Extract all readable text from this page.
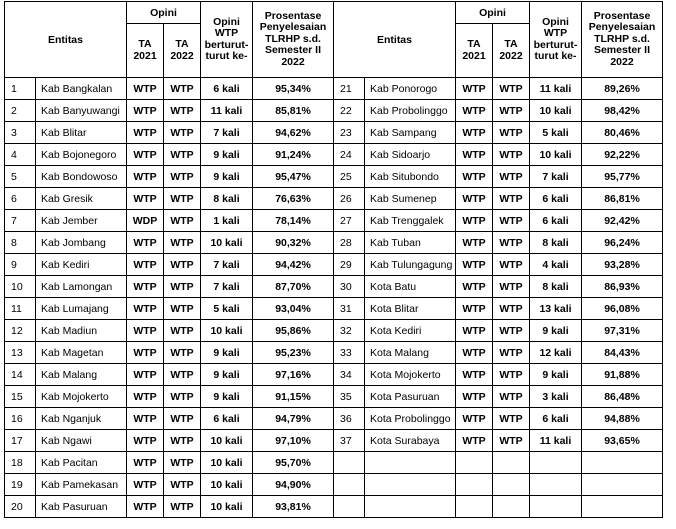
Entitas		Opini		Opini WTP berturut-turut ke-	Prosentase Penyelesaian TLRHP s.d. Semester II 2022	Entitas		Opini		Opini WTP berturut-turut ke-	Prosentase Penyelesaian TLRHP s.d. Semester II 2022
		TA 2021	TA 2022					TA 2021	TA 2022		
1	Kab Bangkalan	WTP	WTP	6 kali	95,34%	21	Kab Ponorogo	WTP	WTP	11 kali	89,26%
2	Kab Banyuwangi	WTP	WTP	11 kali	85,81%	22	Kab Probolinggo	WTP	WTP	10 kali	98,42%
3	Kab Blitar	WTP	WTP	7 kali	94,62%	23	Kab Sampang	WTP	WTP	5 kali	80,46%
4	Kab Bojonegoro	WTP	WTP	9 kali	91,24%	24	Kab Sidoarjo	WTP	WTP	10 kali	92,22%
5	Kab Bondowoso	WTP	WTP	9 kali	95,47%	25	Kab Situbondo	WTP	WTP	7 kali	95,77%
6	Kab Gresik	WTP	WTP	8 kali	76,63%	26	Kab Sumenep	WTP	WTP	6 kali	86,81%
7	Kab Jember	WDP	WTP	1 kali	78,14%	27	Kab Trenggalek	WTP	WTP	6 kali	92,42%
8	Kab Jombang	WTP	WTP	10 kali	90,32%	28	Kab Tuban	WTP	WTP	8 kali	96,24%
9	Kab Kediri	WTP	WTP	7 kali	94,42%	29	Kab Tulungagung	WTP	WTP	4 kali	93,28%
10	Kab Lamongan	WTP	WTP	7 kali	87,70%	30	Kota Batu	WTP	WTP	8 kali	86,93%
11	Kab Lumajang	WTP	WTP	5 kali	93,04%	31	Kota Blitar	WTP	WTP	13 kali	96,08%
12	Kab Madiun	WTP	WTP	10 kali	95,86%	32	Kota Kediri	WTP	WTP	9 kali	97,31%
13	Kab Magetan	WTP	WTP	9 kali	95,23%	33	Kota Malang	WTP	WTP	12 kali	84,43%
14	Kab Malang	WTP	WTP	9 kali	97,16%	34	Kota Mojokerto	WTP	WTP	9 kali	91,88%
15	Kab Mojokerto	WTP	WTP	9 kali	91,15%	35	Kota Pasuruan	WTP	WTP	3 kali	86,48%
16	Kab Nganjuk	WTP	WTP	6 kali	94,79%	36	Kota Probolinggo	WTP	WTP	6 kali	94,88%
17	Kab Ngawi	WTP	WTP	10 kali	97,10%	37	Kota Surabaya	WTP	WTP	11 kali	93,65%
18	Kab Pacitan	WTP	WTP	10 kali	95,70%						
19	Kab Pamekasan	WTP	WTP	10 kali	94,90%						
20	Kab Pasuruan	WTP	WTP	10 kali	93,81%						
